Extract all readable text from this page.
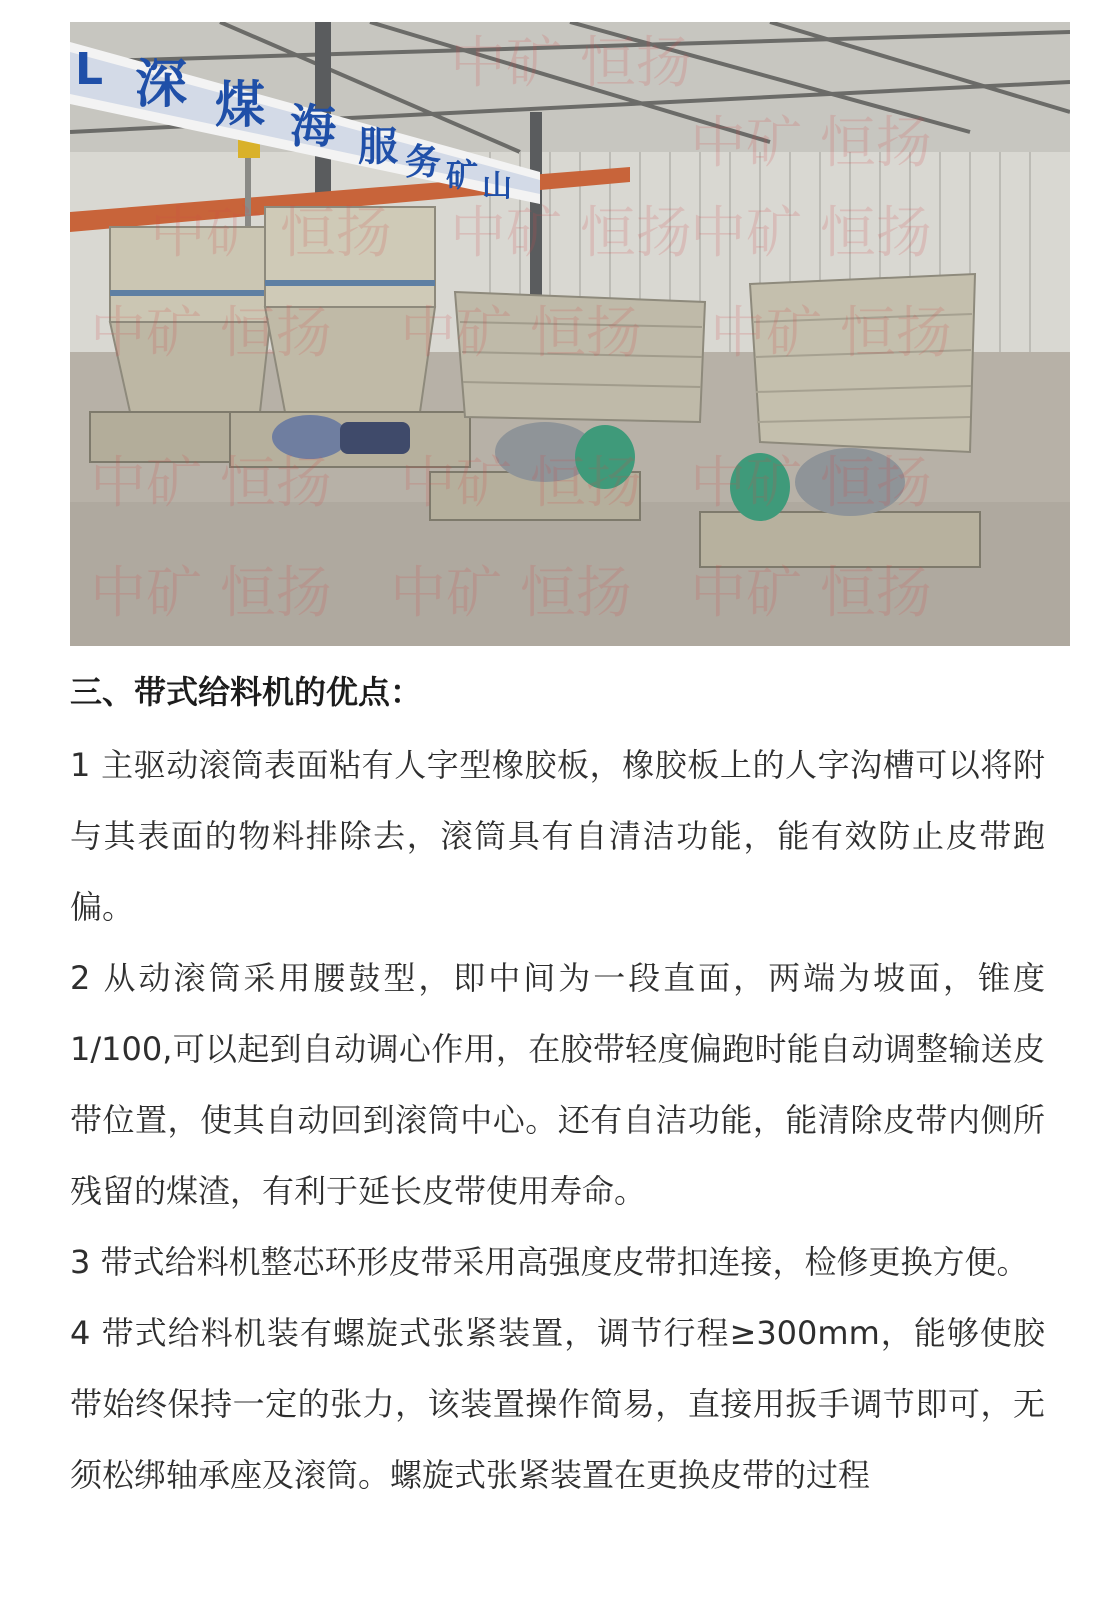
L 深 煤 海 服 务 矿 山
中矿 恒扬
中矿 恒扬
中矿 恒扬 中矿 恒扬
中矿 恒扬
中矿 恒扬 中矿 恒扬 中矿 恒扬
中矿 恒扬 中矿 恒扬 中矿 恒扬
中矿 恒扬 中矿 恒扬 中矿 恒扬
三、带式给料机的优点：

1 主驱动滚筒表面粘有人字型橡胶板，橡胶板上的人字沟槽可以将附与其表面的物料排除去，滚筒具有自清洁功能，能有效防止皮带跑偏。

2 从动滚筒采用腰鼓型，即中间为一段直面，两端为坡面，锥度1/100,可以起到自动调心作用，在胶带轻度偏跑时能自动调整输送皮带位置，使其自动回到滚筒中心。还有自洁功能，能清除皮带内侧所残留的煤渣，有利于延长皮带使用寿命。

3 带式给料机整芯环形皮带采用高强度皮带扣连接，检修更换方便。

4 带式给料机装有螺旋式张紧装置，调节行程≥300mm，能够使胶带始终保持一定的张力，该装置操作简易，直接用扳手调节即可，无须松绑轴承座及滚筒。螺旋式张紧装置在更换皮带的过程
